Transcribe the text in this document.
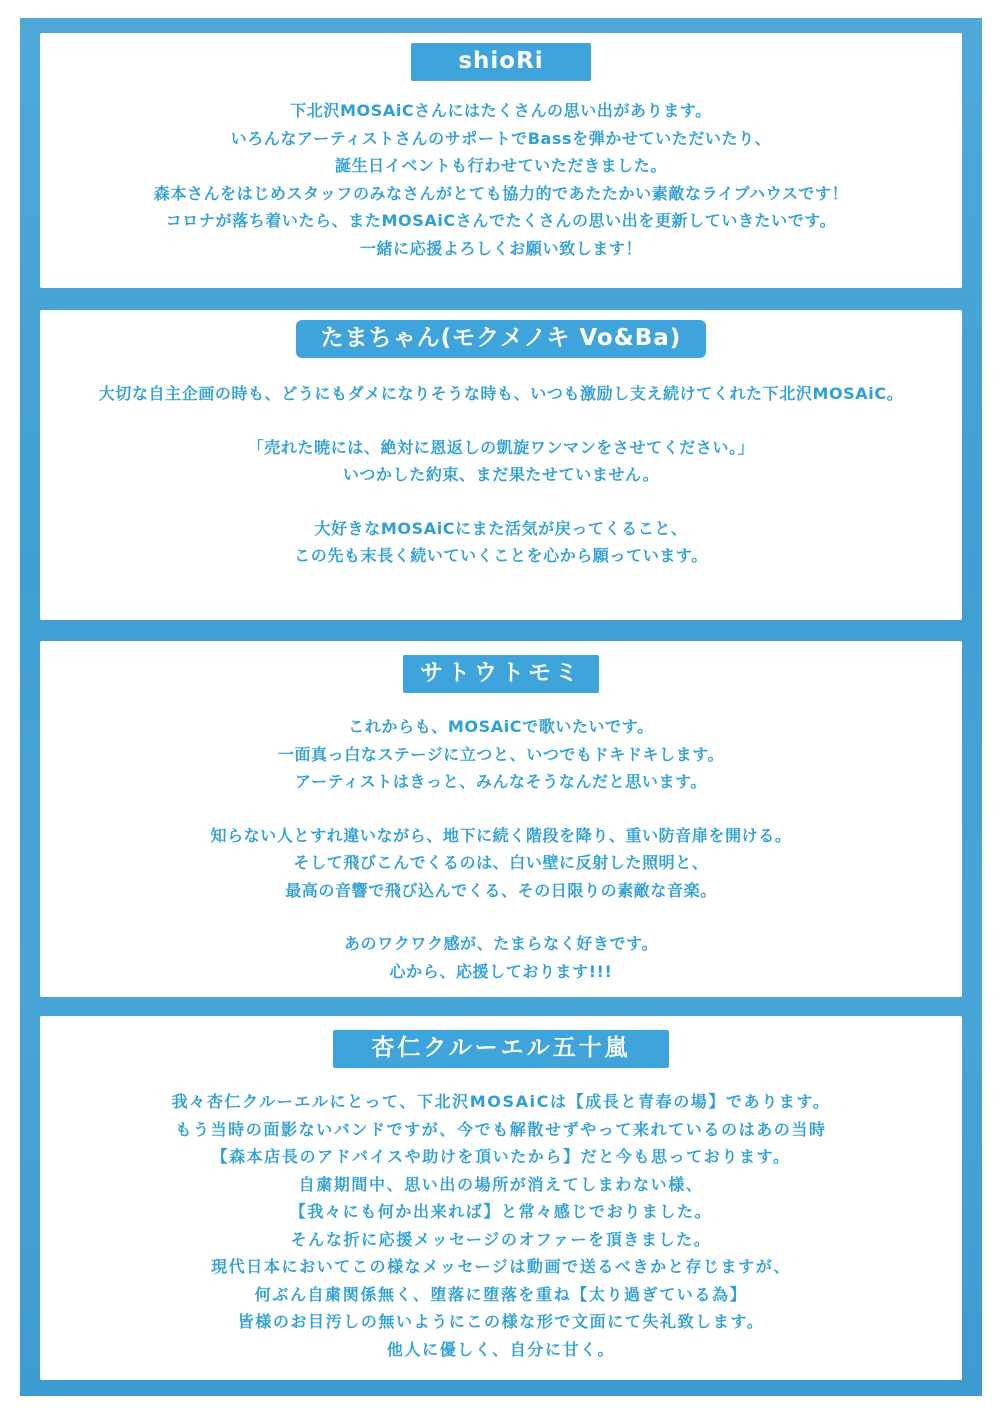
shioRi
下北沢MOSAiCさんにはたくさんの思い出があります。
いろんなアーティストさんのサポートでBassを弾かせていただいたり、
誕生日イベントも行わせていただきました。
森本さんをはじめスタッフのみなさんがとても協力的であたたかい素敵なライブハウスです！
コロナが落ち着いたら、またMOSAiCさんでたくさんの思い出を更新していきたいです。
一緒に応援よろしくお願い致します！
たまちゃん(モクメノキ Vo&Ba)
大切な自主企画の時も、どうにもダメになりそうな時も、いつも激励し支え続けてくれた下北沢MOSAiC。
「売れた暁には、絶対に恩返しの凱旋ワンマンをさせてください。」
いつかした約束、まだ果たせていません。
大好きなMOSAiCにまた活気が戻ってくること、
この先も末長く続いていくことを心から願っています。
サトウトモミ
これからも、MOSAiCで歌いたいです。
一面真っ白なステージに立つと、いつでもドキドキします。
アーティストはきっと、みんなそうなんだと思います。
知らない人とすれ違いながら、地下に続く階段を降り、重い防音扉を開ける。
そして飛びこんでくるのは、白い壁に反射した照明と、
最高の音響で飛び込んでくる、その日限りの素敵な音楽。
あのワクワク感が、たまらなく好きです。
心から、応援しております!!!
杏仁クルーエル五十嵐
我々杏仁クルーエルにとって、下北沢MOSAiCは【成長と青春の場】であります。
もう当時の面影ないバンドですが、今でも解散せずやって来れているのはあの当時
【森本店長のアドバイスや助けを頂いたから】だと今も思っております。
自粛期間中、思い出の場所が消えてしまわない様、
【我々にも何か出来れば】と常々感じでおりました。
そんな折に応援メッセージのオファーを頂きました。
現代日本においてこの様なメッセージは動画で送るべきかと存じますが、
何ぶん自粛関係無く、堕落に堕落を重ね【太り過ぎている為】
皆様のお目汚しの無いようにこの様な形で文面にて失礼致します。
他人に優しく、自分に甘く。
